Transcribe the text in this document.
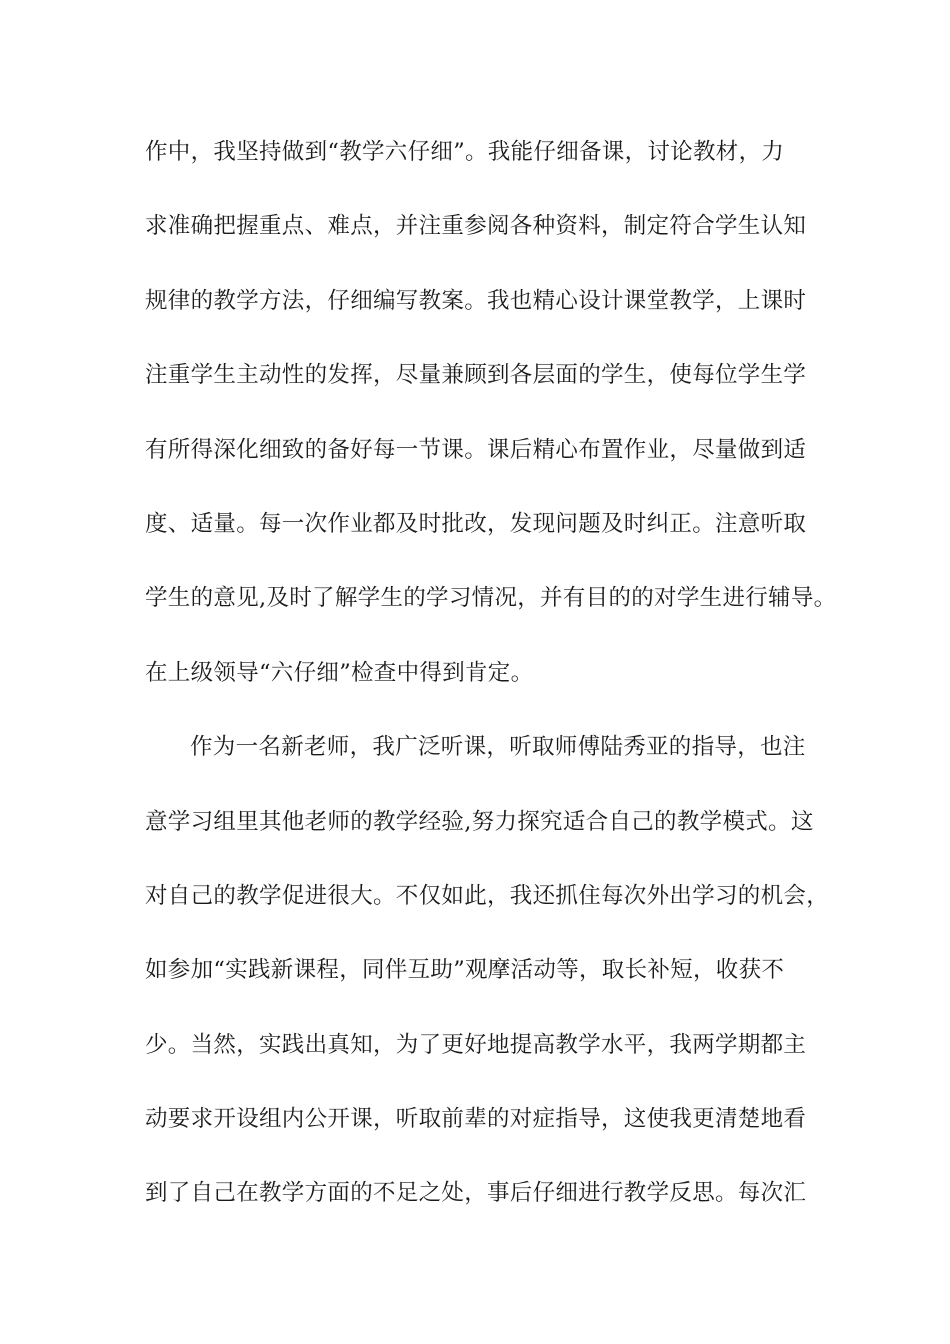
作中，我坚持做到“教学六仔细”。我能仔细备课，讨论教材，力
求准确把握重点、难点，并注重参阅各种资料，制定符合学生认知
规律的教学方法，仔细编写教案。我也精心设计课堂教学，上课时
注重学生主动性的发挥，尽量兼顾到各层面的学生，使每位学生学
有所得深化细致的备好每一节课。课后精心布置作业，尽量做到适
度、适量。每一次作业都及时批改，发现问题及时纠正。注意听取
学生的意见,及时了解学生的学习情况，并有目的的对学生进行辅导。
在上级领导“六仔细”检查中得到肯定。
作为一名新老师，我广泛听课，听取师傅陆秀亚的指导，也注
意学习组里其他老师的教学经验,努力探究适合自己的教学模式。这
对自己的教学促进很大。不仅如此，我还抓住每次外出学习的机会，
如参加“实践新课程，同伴互助”观摩活动等，取长补短，收获不
少。当然，实践出真知，为了更好地提高教学水平，我两学期都主
动要求开设组内公开课，听取前辈的对症指导，这使我更清楚地看
到了自己在教学方面的不足之处，事后仔细进行教学反思。每次汇
